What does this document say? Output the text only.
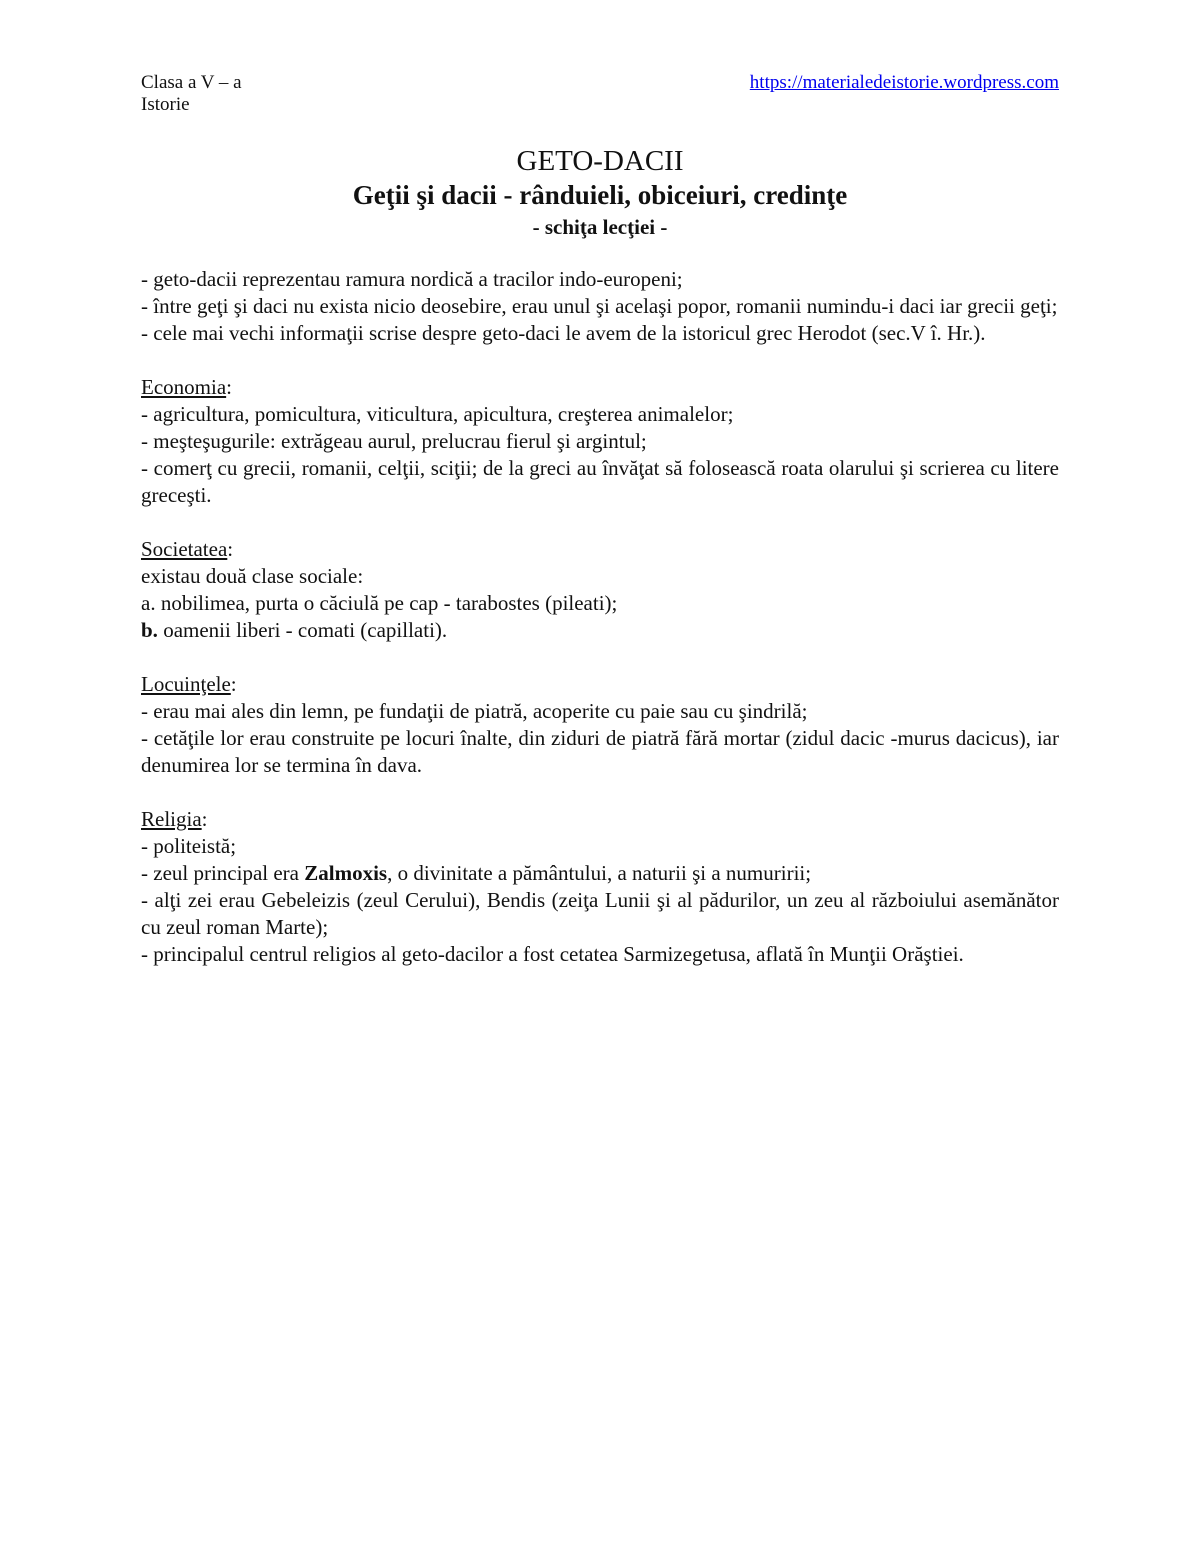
Clasa a V – a
Istorie
https://materialedeistorie.wordpress.com
GETO-DACII
Geţii şi dacii - rânduieli, obiceiuri, credinţe
- schiţa lecţiei -

- geto-dacii reprezentau ramura nordică a tracilor indo-europeni;

- între geţi şi daci nu exista nicio deosebire, erau unul şi acelaşi popor, romanii numindu-i daci iar grecii geţi;

- cele mai vechi informaţii scrise despre geto-daci le avem de la istoricul grec Herodot (sec.V î. Hr.).

Economia:

- agricultura, pomicultura, viticultura, apicultura, creşterea animalelor;

- meşteşugurile: extrăgeau aurul, prelucrau fierul şi argintul;

- comerţ cu grecii, romanii, celţii, sciţii; de la greci au învăţat să folosească roata olarului şi scrierea cu litere greceşti.

Societatea:

existau două clase sociale:

a. nobilimea, purta o căciulă pe cap - tarabostes (pileati);

b. oamenii liberi - comati (capillati).

Locuinţele:

- erau mai ales din lemn, pe fundaţii de piatră, acoperite cu paie sau cu şindrilă;

- cetăţile lor erau construite pe locuri înalte, din ziduri de piatră fără mortar (zidul dacic -murus dacicus), iar denumirea lor se termina în dava.

Religia:

- politeistă;

- zeul principal era Zalmoxis, o divinitate a pământului, a naturii şi a numuririi;

- alţi zei erau Gebeleizis (zeul Cerului), Bendis (zeiţa Lunii şi al pădurilor, un zeu al războiului asemănător cu zeul roman Marte);

- principalul centrul religios al geto-dacilor a fost cetatea Sarmizegetusa, aflată în Munţii Orăştiei.
